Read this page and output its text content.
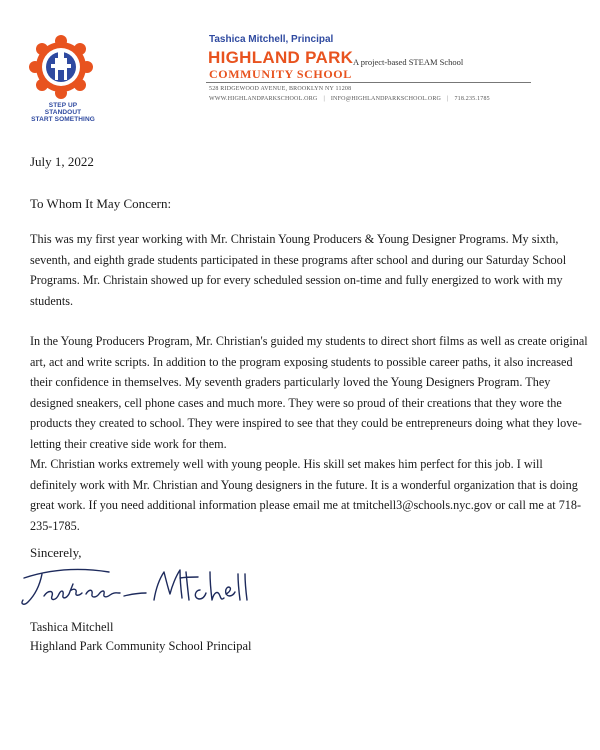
STEP UP
STANDOUT
START SOMETHING
Tashica Mitchell, Principal
HIGHLAND PARK A project-based STEAM School
COMMUNITY SCHOOL
528 RIDGEWOOD AVENUE, BROOKLYN NY 11208
WWW.HIGHLANDPARKSCHOOL.ORG | INFO@HIGHLANDPARKSCHOOL.ORG | 718.235.1785
July 1, 2022
To Whom It May Concern:

This was my first year working with Mr. Christain Young Producers & Young Designer Programs. My sixth, seventh, and eighth grade students participated in these programs after school and during our Saturday School Programs. Mr. Christain showed up for every scheduled session on-time and fully energized to work with my students.

In the Young Producers Program, Mr. Christian's guided my students to direct short films as well as create original art, act and write scripts. In addition to the program exposing students to possible career paths, it also increased their confidence in themselves. My seventh graders particularly loved the Young Designers Program. They designed sneakers, cell phone cases and much more. They were so proud of their creations that they wore the products they created to school. They were inspired to see that they could be entrepreneurs doing what they love- letting their creative side work for them.

Mr. Christian works extremely well with young people. His skill set makes him perfect for this job. I will definitely work with Mr. Christian and Young designers in the future. It is a wonderful organization that is doing great work. If you need additional information please email me at tmitchell3@schools.nyc.gov or call me at 718-235-1785.

Sincerely,
Tashica Mitchell
Highland Park Community School Principal
